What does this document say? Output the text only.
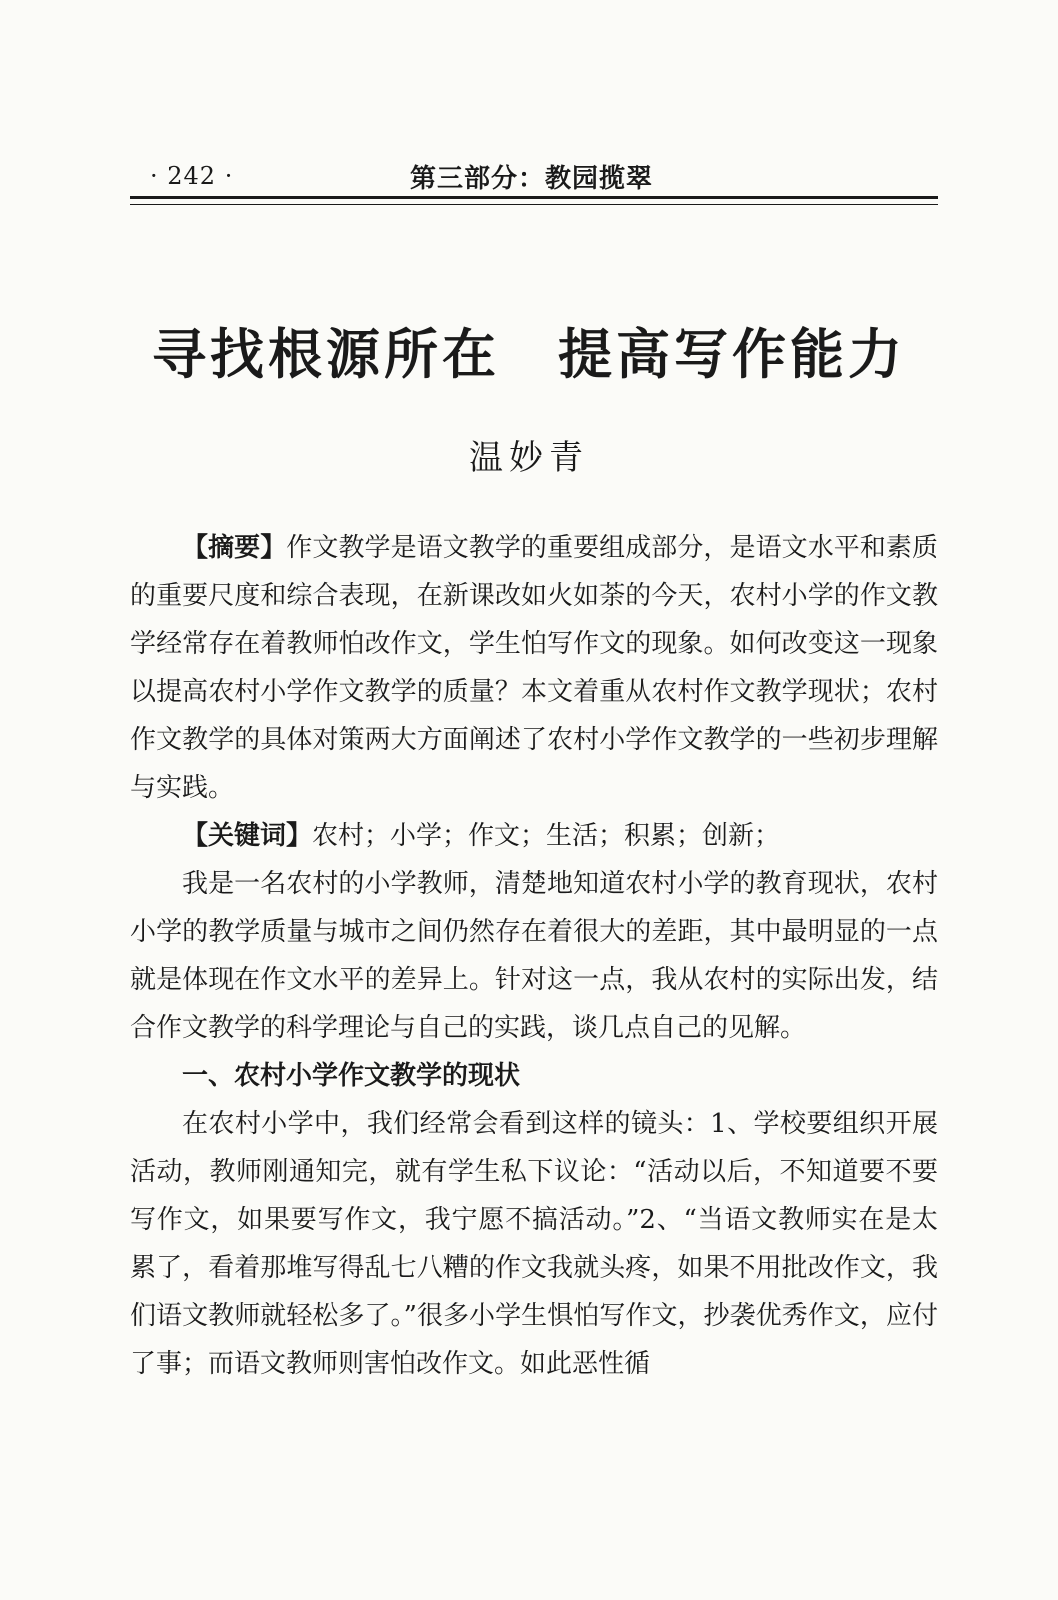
· 242 ·	第三部分：教园揽翠
寻找根源所在　提高写作能力
温妙青

【摘要】作文教学是语文教学的重要组成部分，是语文水平和素质的重要尺度和综合表现，在新课改如火如荼的今天，农村小学的作文教学经常存在着教师怕改作文，学生怕写作文的现象。如何改变这一现象以提高农村小学作文教学的质量？本文着重从农村作文教学现状；农村作文教学的具体对策两大方面阐述了农村小学作文教学的一些初步理解与实践。

【关键词】农村；小学；作文；生活；积累；创新；

我是一名农村的小学教师，清楚地知道农村小学的教育现状，农村小学的教学质量与城市之间仍然存在着很大的差距，其中最明显的一点就是体现在作文水平的差异上。针对这一点，我从农村的实际出发，结合作文教学的科学理论与自己的实践，谈几点自己的见解。

一、农村小学作文教学的现状

在农村小学中，我们经常会看到这样的镜头：1、学校要组织开展活动，教师刚通知完，就有学生私下议论：“活动以后，不知道要不要写作文，如果要写作文，我宁愿不搞活动。”2、“当语文教师实在是太累了，看着那堆写得乱七八糟的作文我就头疼，如果不用批改作文，我们语文教师就轻松多了。”很多小学生惧怕写作文，抄袭优秀作文，应付了事；而语文教师则害怕改作文。如此恶性循
